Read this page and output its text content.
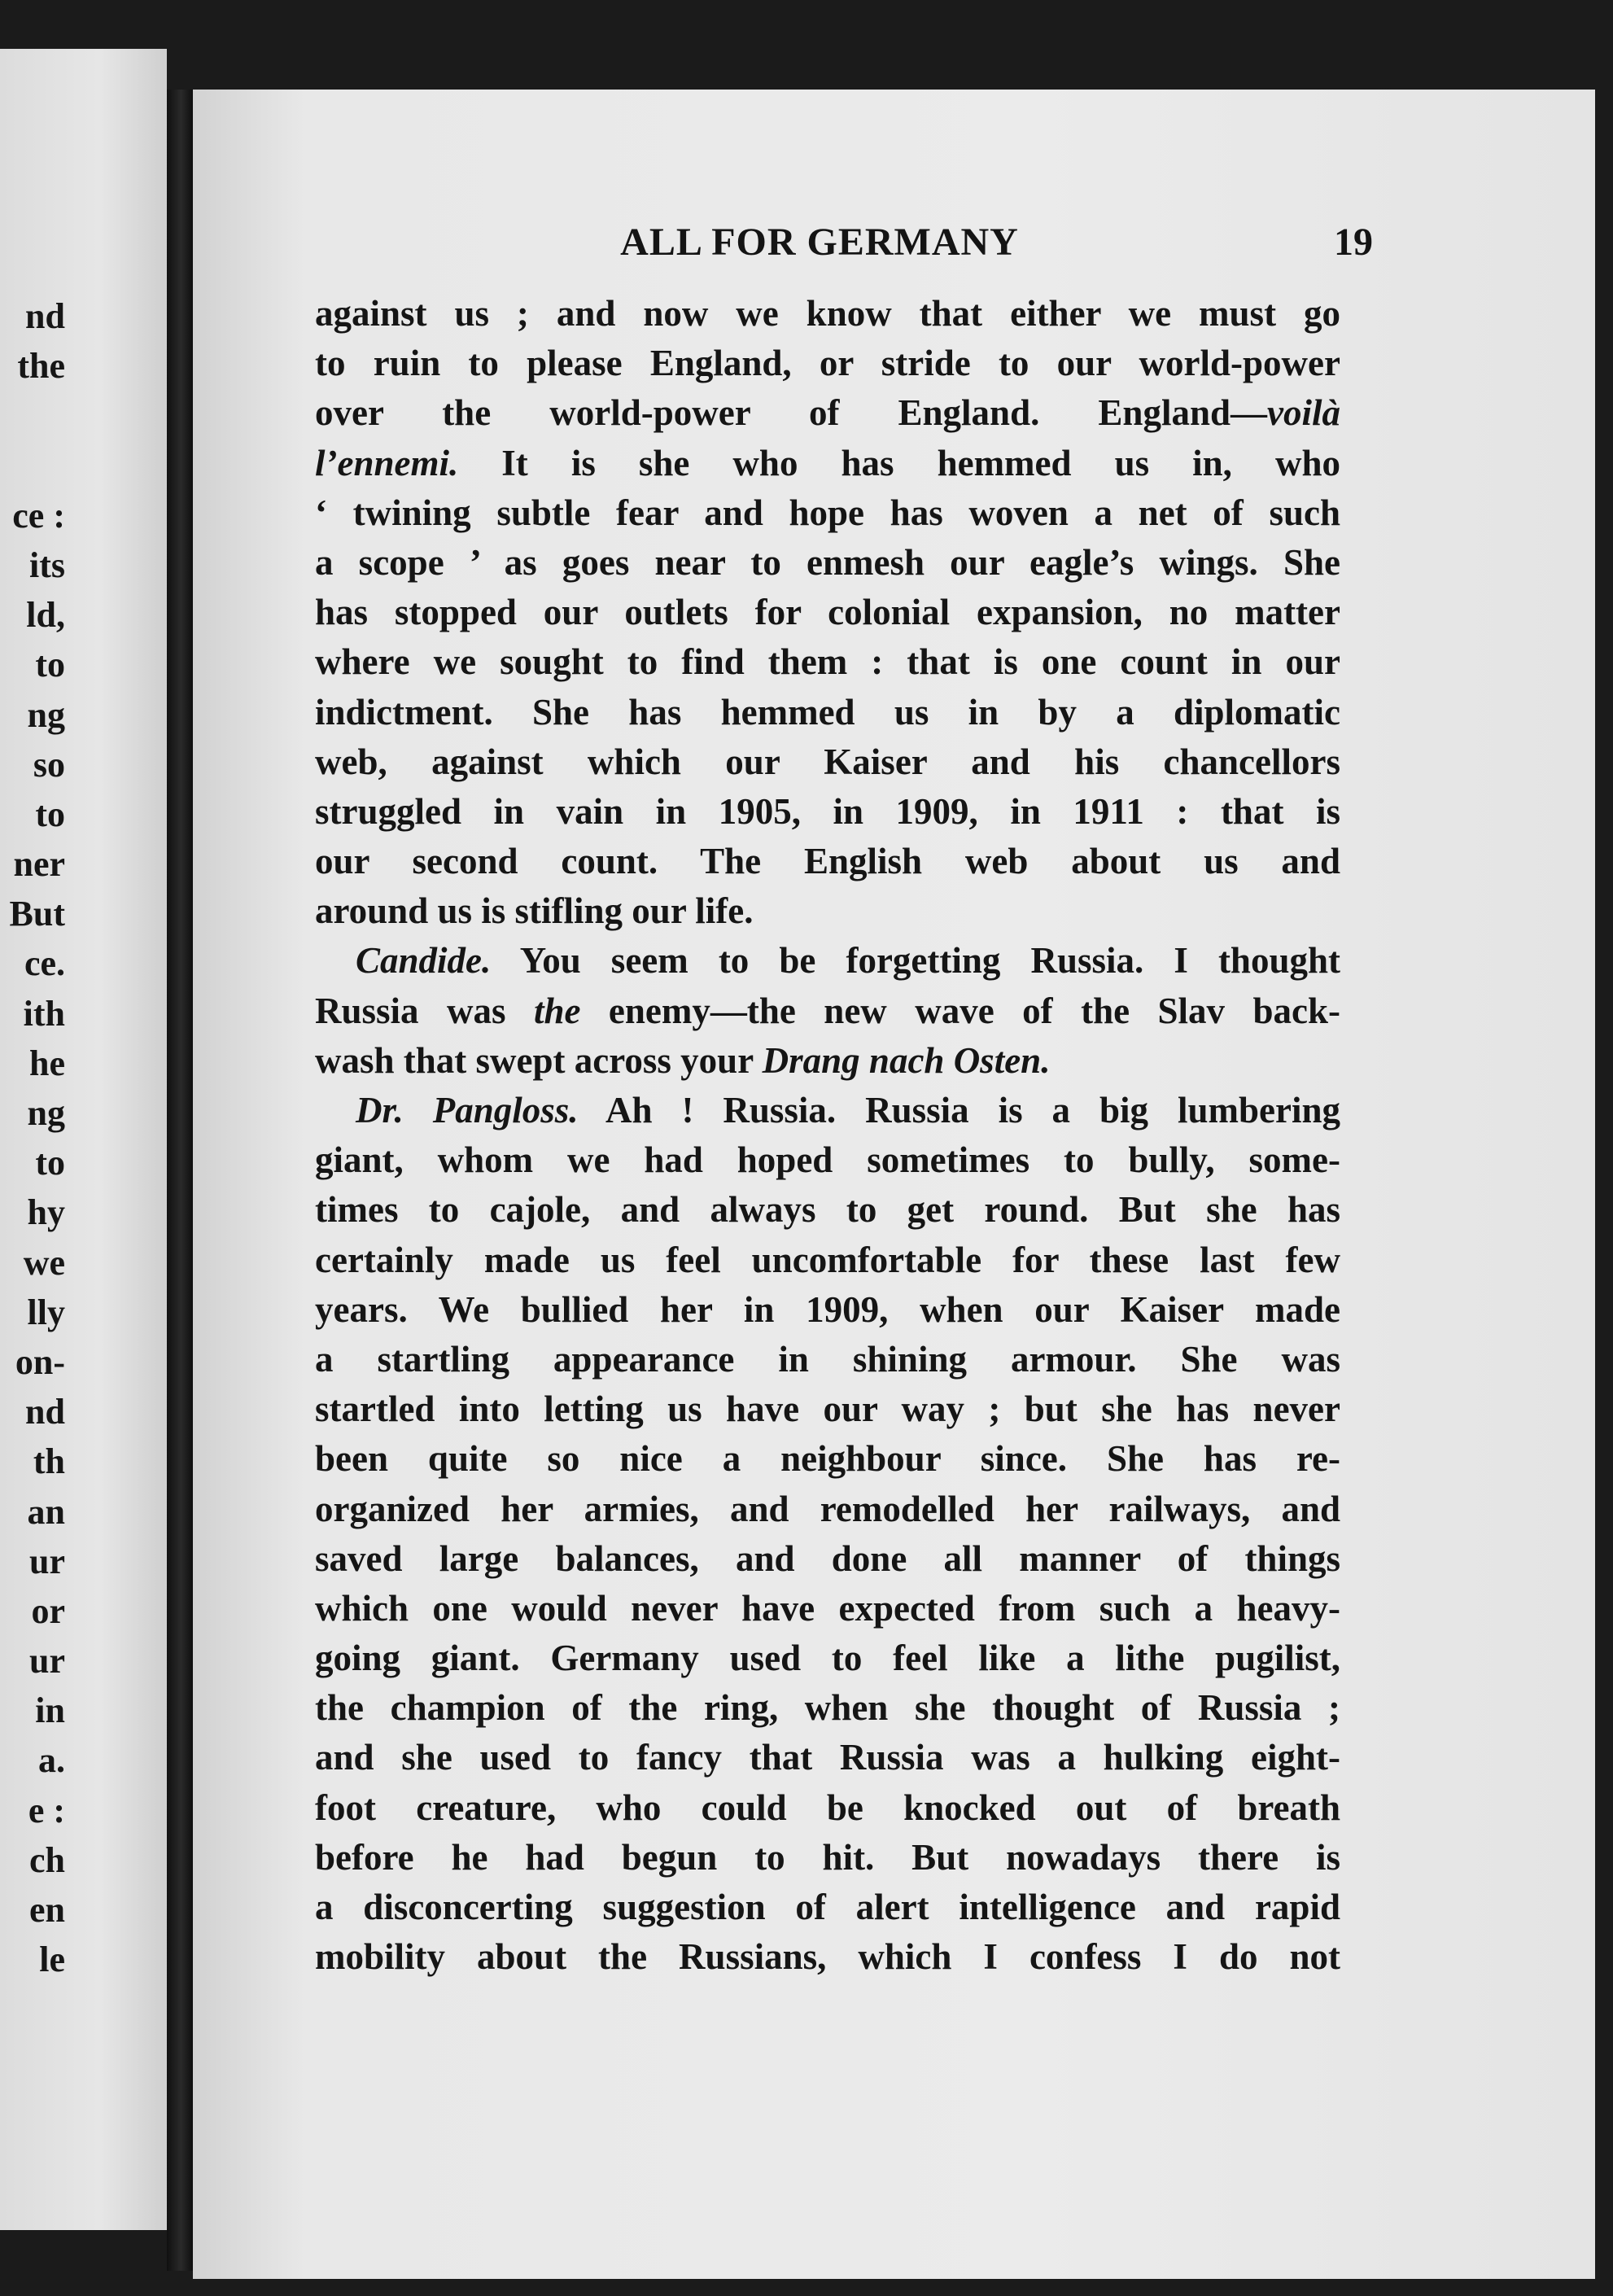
nd
the
ce :
its
ld,
to
ng
so
to
ner
But
ce.
ith
he
ng
to
hy
we
lly
on-
nd
th
an
ur
or
ur
in
a.
e :
ch
en
le
ALL FOR GERMANY	19
against us ; and now we know that either we must go
to ruin to please England, or stride to our world-power
over the world-power of England. England—voilà
l’ennemi. It is she who has hemmed us in, who
‘ twining subtle fear and hope has woven a net of such
a scope ’ as goes near to enmesh our eagle’s wings. She
has stopped our outlets for colonial expansion, no matter
where we sought to find them : that is one count in our
indictment. She has hemmed us in by a diplomatic
web, against which our Kaiser and his chancellors
struggled in vain in 1905, in 1909, in 1911 : that is
our second count. The English web about us and
around us is stifling our life.
Candide. You seem to be forgetting Russia. I thought
Russia was the enemy—the new wave of the Slav back-
wash that swept across your Drang nach Osten.
Dr. Pangloss. Ah ! Russia. Russia is a big lumbering
giant, whom we had hoped sometimes to bully, some-
times to cajole, and always to get round. But she has
certainly made us feel uncomfortable for these last few
years. We bullied her in 1909, when our Kaiser made
a startling appearance in shining armour. She was
startled into letting us have our way ; but she has never
been quite so nice a neighbour since. She has re-
organized her armies, and remodelled her railways, and
saved large balances, and done all manner of things
which one would never have expected from such a heavy-
going giant. Germany used to feel like a lithe pugilist,
the champion of the ring, when she thought of Russia ;
and she used to fancy that Russia was a hulking eight-
foot creature, who could be knocked out of breath
before he had begun to hit. But nowadays there is
a disconcerting suggestion of alert intelligence and rapid
mobility about the Russians, which I confess I do not
